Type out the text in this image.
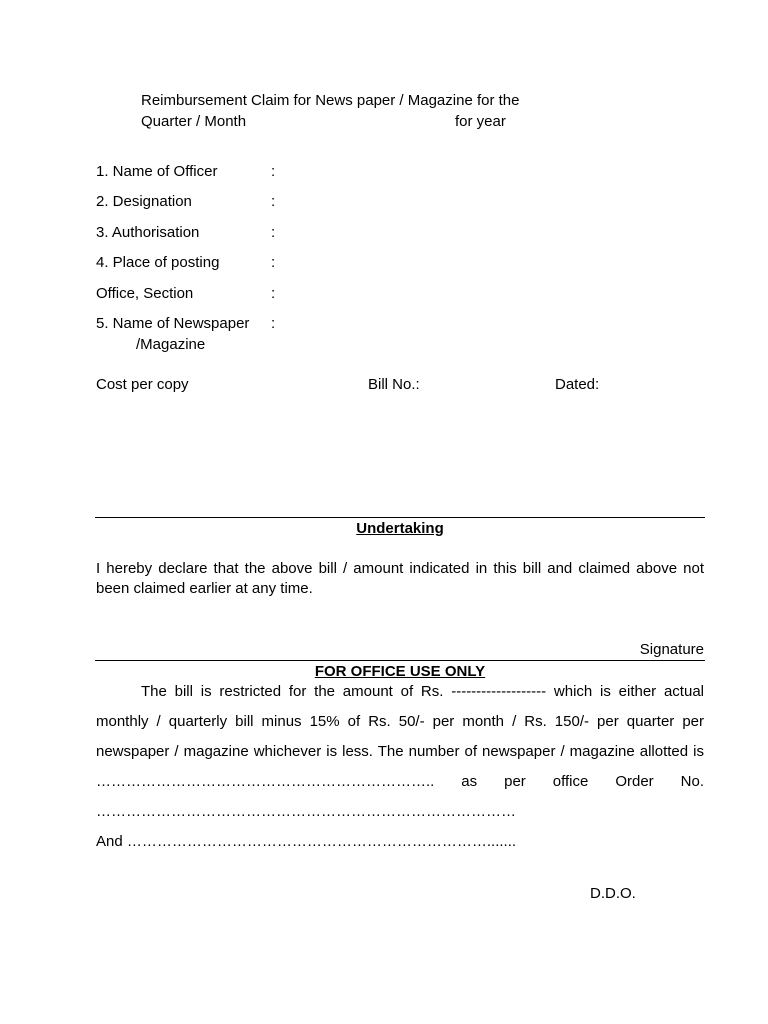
Reimbursement Claim for News paper / Magazine for the
Quarter / Month	for year
1. Name of Officer	:
2. Designation	:
3. Authorisation	:
4. Place of posting	:
Office, Section	:
5. Name of Newspaper :
/Magazine
Cost per copy	Bill No.:	Dated:
Undertaking
I hereby declare that the above bill / amount indicated in this bill and claimed above not been claimed earlier at any time.
Signature
FOR OFFICE USE ONLY

The bill is restricted for the amount of Rs. ------------------- which is either actual monthly / quarterly bill minus 15% of Rs. 50/- per month / Rs. 150/- per quarter per newspaper / magazine whichever is less. The number of newspaper / magazine allotted is ………………………………………………………….. as per office Order No. …………………………………………………………………………

And ……………………………………………………………….......

D.D.O.
